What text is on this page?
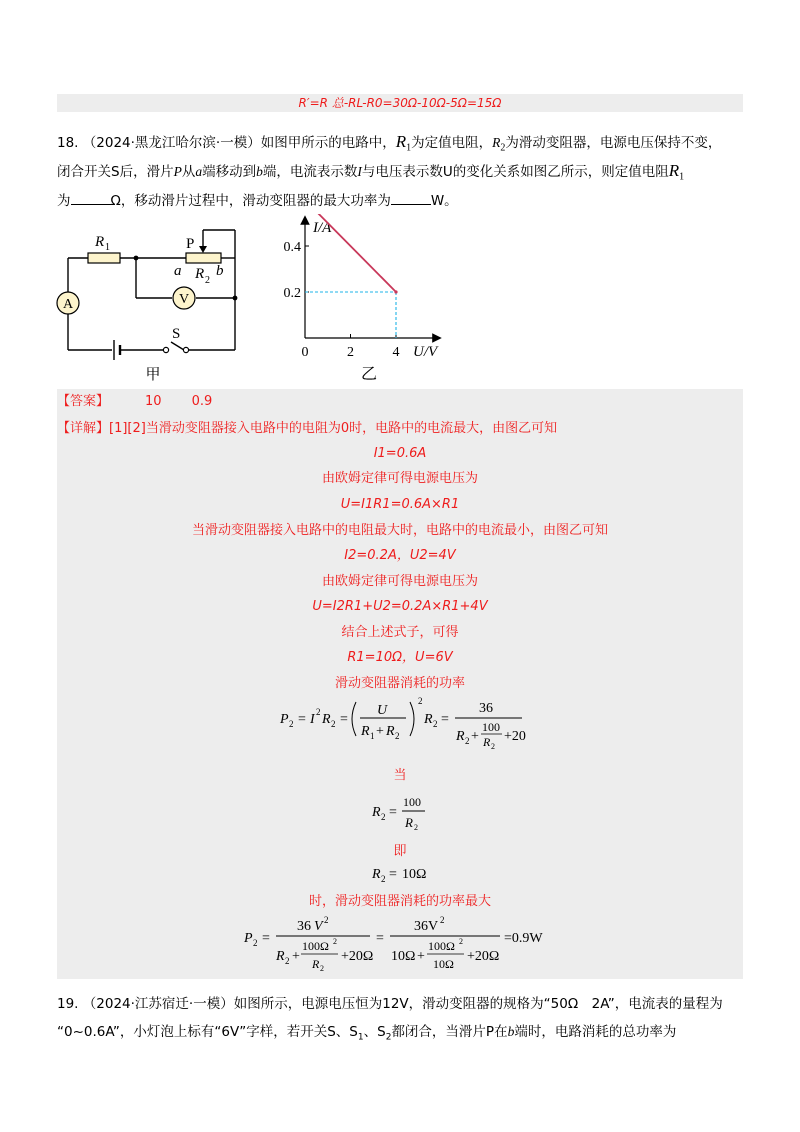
R′=R 总-RL-R0=30Ω-10Ω-5Ω=15Ω
18. （2024·黑龙江哈尔滨·一模）如图甲所示的电路中，$R_1$为定值电阻，$R_2$为滑动变阻器，电源电压保持不变，
闭合开关S后，滑片P从a端移动到b端，电流表示数I与电压表示数U的变化关系如图乙所示，则定值电阻$R_1$
为	Ω，移动滑片过程中，滑动变阻器的最大功率为	W。
A	V
R 1	P
a R 2
b
S
甲
0.4
0.2
0	2	4
I/A
U/V
乙
【答案】	10 0.9
【详解】[1][2]当滑动变阻器接入电路中的电阻为0时，电路中的电流最大，由图乙可知
I1=0.6A
由欧姆定律可得电源电压为
U=I1R1=0.6A×R1
当滑动变阻器接入电路中的电阻最大时，电路中的电流最小，由图乙可知
I2=0.2A，U2=4V
由欧姆定律可得电源电压为
U=I2R1+U2=0.2A×R1+4V
结合上述式子，可得
R1=10Ω，U=6V
滑动变阻器消耗的功率
P 2 = I 2 R 2 =
U
R 1 + R 2
2
R 2 =
36
R 2 +
100
R 2
+20
当
R 2 =
100
R 2
即
R 2 = 10Ω
时，滑动变阻器消耗的功率最大
P 2 =
36 V 2
R 2 +
100Ω 2
R 2
+20Ω
=
36V 2
10Ω +
100Ω 2
10Ω +20Ω
=0.9W
19. （2024·江苏宿迁·一模）如图所示，电源电压恒为12V，滑动变阻器的规格为“50Ω　2A”，电流表的量程为
“0~0.6A”，小灯泡上标有“6V”字样，若开关S、$S_1$、$S_2$都闭合，当滑片P在b端时，电路消耗的总功率为
